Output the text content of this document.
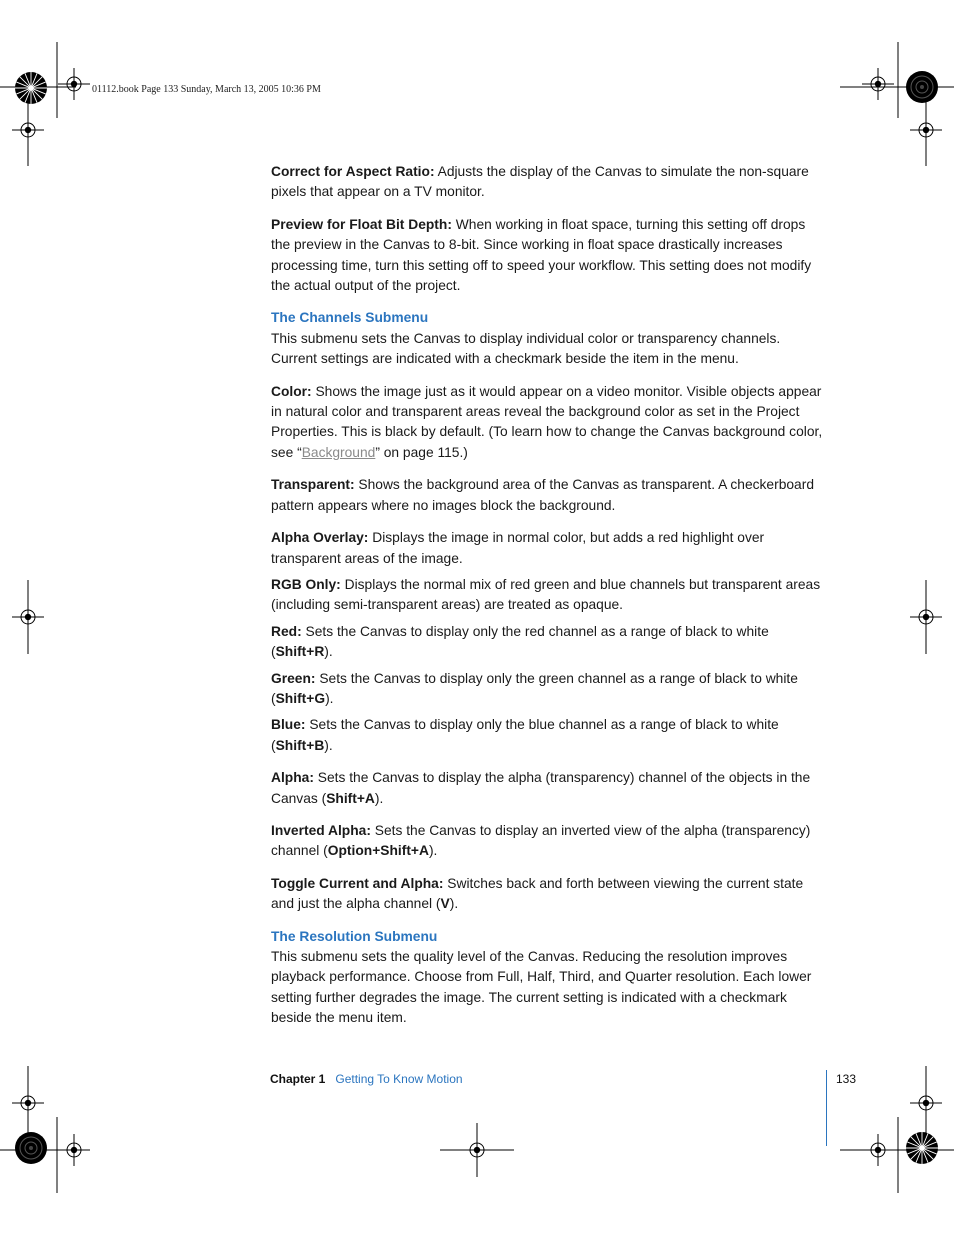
01112.book Page 133 Sunday, March 13, 2005 10:36 PM

Correct for Aspect Ratio: Adjusts the display of the Canvas to simulate the non-square pixels that appear on a TV monitor.

Preview for Float Bit Depth: When working in float space, turning this setting off drops the preview in the Canvas to 8-bit. Since working in float space drastically increases processing time, turn this setting off to speed your workflow. This setting does not modify the actual output of the project.

The Channels Submenu

This submenu sets the Canvas to display individual color or transparency channels. Current settings are indicated with a checkmark beside the item in the menu.

Color: Shows the image just as it would appear on a video monitor. Visible objects appear in natural color and transparent areas reveal the background color as set in the Project Properties. This is black by default. (To learn how to change the Canvas background color, see “Background” on page 115.)

Transparent: Shows the background area of the Canvas as transparent. A checkerboard pattern appears where no images block the background.

Alpha Overlay: Displays the image in normal color, but adds a red highlight over transparent areas of the image.

RGB Only: Displays the normal mix of red green and blue channels but transparent areas (including semi-transparent areas) are treated as opaque.

Red: Sets the Canvas to display only the red channel as a range of black to white (Shift+R).

Green: Sets the Canvas to display only the green channel as a range of black to white (Shift+G).

Blue: Sets the Canvas to display only the blue channel as a range of black to white (Shift+B).

Alpha: Sets the Canvas to display the alpha (transparency) channel of the objects in the Canvas (Shift+A).

Inverted Alpha: Sets the Canvas to display an inverted view of the alpha (transparency) channel (Option+Shift+A).

Toggle Current and Alpha: Switches back and forth between viewing the current state and just the alpha channel (V).

The Resolution Submenu

This submenu sets the quality level of the Canvas. Reducing the resolution improves playback performance. Choose from Full, Half, Third, and Quarter resolution. Each lower setting further degrades the image. The current setting is indicated with a checkmark beside the menu item.

Chapter 1 Getting To Know Motion	133
